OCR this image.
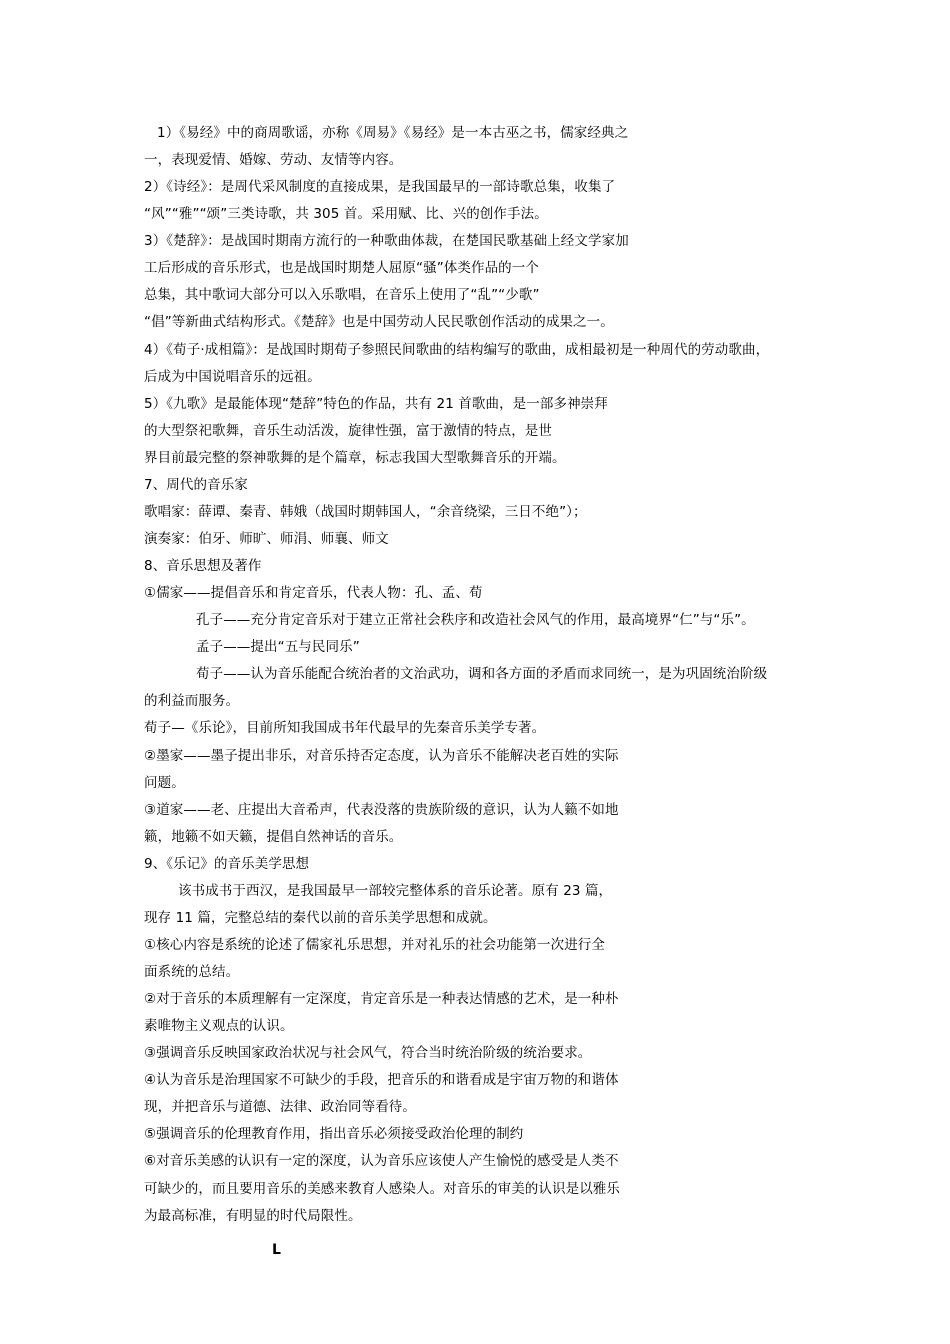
1）《易经》中的商周歌谣，亦称《周易》《易经》是一本古巫之书，儒家经典之
一，表现爱情、婚嫁、劳动、友情等内容。
2）《诗经》：是周代采风制度的直接成果，是我国最早的一部诗歌总集，收集了
“风”“雅”“颂”三类诗歌，共 305 首。采用赋、比、兴的创作手法。
3）《楚辞》：是战国时期南方流行的一种歌曲体裁，在楚国民歌基础上经文学家加
工后形成的音乐形式，也是战国时期楚人屈原“骚”体类作品的一个
总集，其中歌词大部分可以入乐歌唱，在音乐上使用了“乱”“少歌”
“倡”等新曲式结构形式。《楚辞》也是中国劳动人民民歌创作活动的成果之一。
4）《荀子·成相篇》：是战国时期荀子参照民间歌曲的结构编写的歌曲，成相最初是一种周代的劳动歌曲，
后成为中国说唱音乐的远祖。
5）《九歌》是最能体现“楚辞”特色的作品，共有 21 首歌曲，是一部多神崇拜
的大型祭祀歌舞，音乐生动活泼，旋律性强，富于激情的特点，是世
界目前最完整的祭神歌舞的是个篇章，标志我国大型歌舞音乐的开端。
7、周代的音乐家
歌唱家：薛谭、秦青、韩娥（战国时期韩国人，“余音绕梁，三日不绝”）；
演奏家：伯牙、师旷、师涓、师襄、师文
8、音乐思想及著作
①儒家——提倡音乐和肯定音乐，代表人物：孔、孟、荀
孔子——充分肯定音乐对于建立正常社会秩序和改造社会风气的作用，最高境界“仁”与“乐”。
孟子——提出“五与民同乐”
荀子——认为音乐能配合统治者的文治武功，调和各方面的矛盾而求同统一，是为巩固统治阶级
的利益而服务。
荀子—《乐论》，目前所知我国成书年代最早的先秦音乐美学专著。
②墨家——墨子提出非乐，对音乐持否定态度，认为音乐不能解决老百姓的实际
问题。
③道家——老、庄提出大音希声，代表没落的贵族阶级的意识，认为人籁不如地
籁，地籁不如天籁，提倡自然神话的音乐。
9、《乐记》的音乐美学思想
该书成书于西汉，是我国最早一部较完整体系的音乐论著。原有 23 篇，
现存 11 篇，完整总结的秦代以前的音乐美学思想和成就。
①核心内容是系统的论述了儒家礼乐思想，并对礼乐的社会功能第一次进行全
面系统的总结。
②对于音乐的本质理解有一定深度，肯定音乐是一种表达情感的艺术，是一种朴
素唯物主义观点的认识。
③强调音乐反映国家政治状况与社会风气，符合当时统治阶级的统治要求。
④认为音乐是治理国家不可缺少的手段，把音乐的和谐看成是宇宙万物的和谐体
现，并把音乐与道德、法律、政治同等看待。
⑤强调音乐的伦理教育作用，指出音乐必须接受政治伦理的制约
⑥对音乐美感的认识有一定的深度，认为音乐应该使人产生愉悦的感受是人类不
可缺少的，而且要用音乐的美感来教育人感染人。对音乐的审美的认识是以雅乐
为最高标准，有明显的时代局限性。
L
